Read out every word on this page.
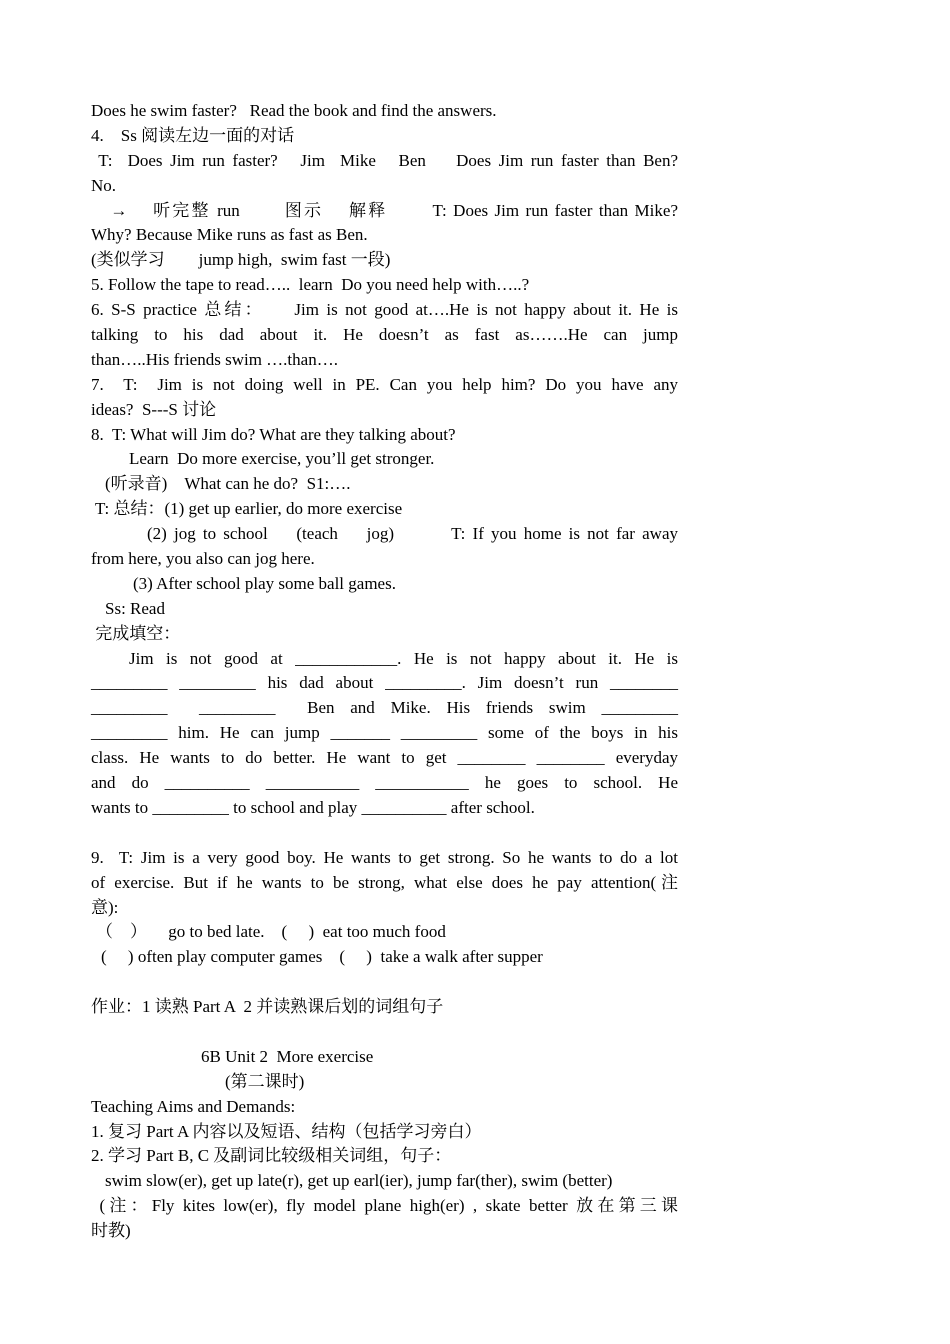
Does he swim faster?   Read the book and find the answers.
4.    Ss 阅读左边一面的对话
T:  Does Jim run faster?   Jim  Mike   Ben    Does Jim run faster than Ben?
No.
→    听完整 run       图示    解释       T: Does Jim run faster than Mike?
Why? Because Mike runs as fast as Ben.
(类似学习        jump high,  swim fast 一段)
5. Follow the tape to read…..  learn  Do you need help with…..?
6. S-S practice 总结：    Jim is not good at….He is not happy about it. He is
talking to his dad about it. He doesn’t as fast as…….He can jump
than…..His friends swim ….than….
7.  T:  Jim is not doing well in PE. Can you help him? Do you have any
ideas?  S---S 讨论
8.  T: What will Jim do? What are they talking about?
Learn  Do more exercise, you’ll get stronger.
(听录音)    What can he do?  S1:….
T: 总结：(1) get up earlier, do more exercise
(2) jog to school    (teach    jog)        T: If you home is not far away
from here, you also can jog here.
(3) After school play some ball games.
Ss: Read
完成填空：
Jim is not good at ____________. He is not happy about it. He is
_________ _________ his dad about _________. Jim doesn’t run ________
_________  _________  Ben and Mike. His friends swim _________
_________ him. He can jump _______ _________ some of the boys in his
class. He wants to do better. He want to get ________ ________ everyday
and do __________ ___________ ___________ he goes to school. He
wants to _________ to school and play __________ after school.
9.  T: Jim is a very good boy. He wants to get strong. So he wants to do a lot
of exercise. But if he wants to be strong, what else does he pay attention(注
意):
（    ）     go to bed late.    (     )  eat too much food
(     ) often play computer games    (     )  take a walk after supper
作业：1 读熟 Part A  2 并读熟课后划的词组句子
6B Unit 2  More exercise
(第二课时)
Teaching Aims and Demands:
1. 复习 Part A 内容以及短语、结构（包括学习旁白）
2. 学习 Part B, C 及副词比较级相关词组，句子：
swim slow(er), get up late(r), get up earl(ier), jump far(ther), swim (better)
(注：Fly kites low(er), fly model plane high(er) , skate better 放在第三课
时教)
